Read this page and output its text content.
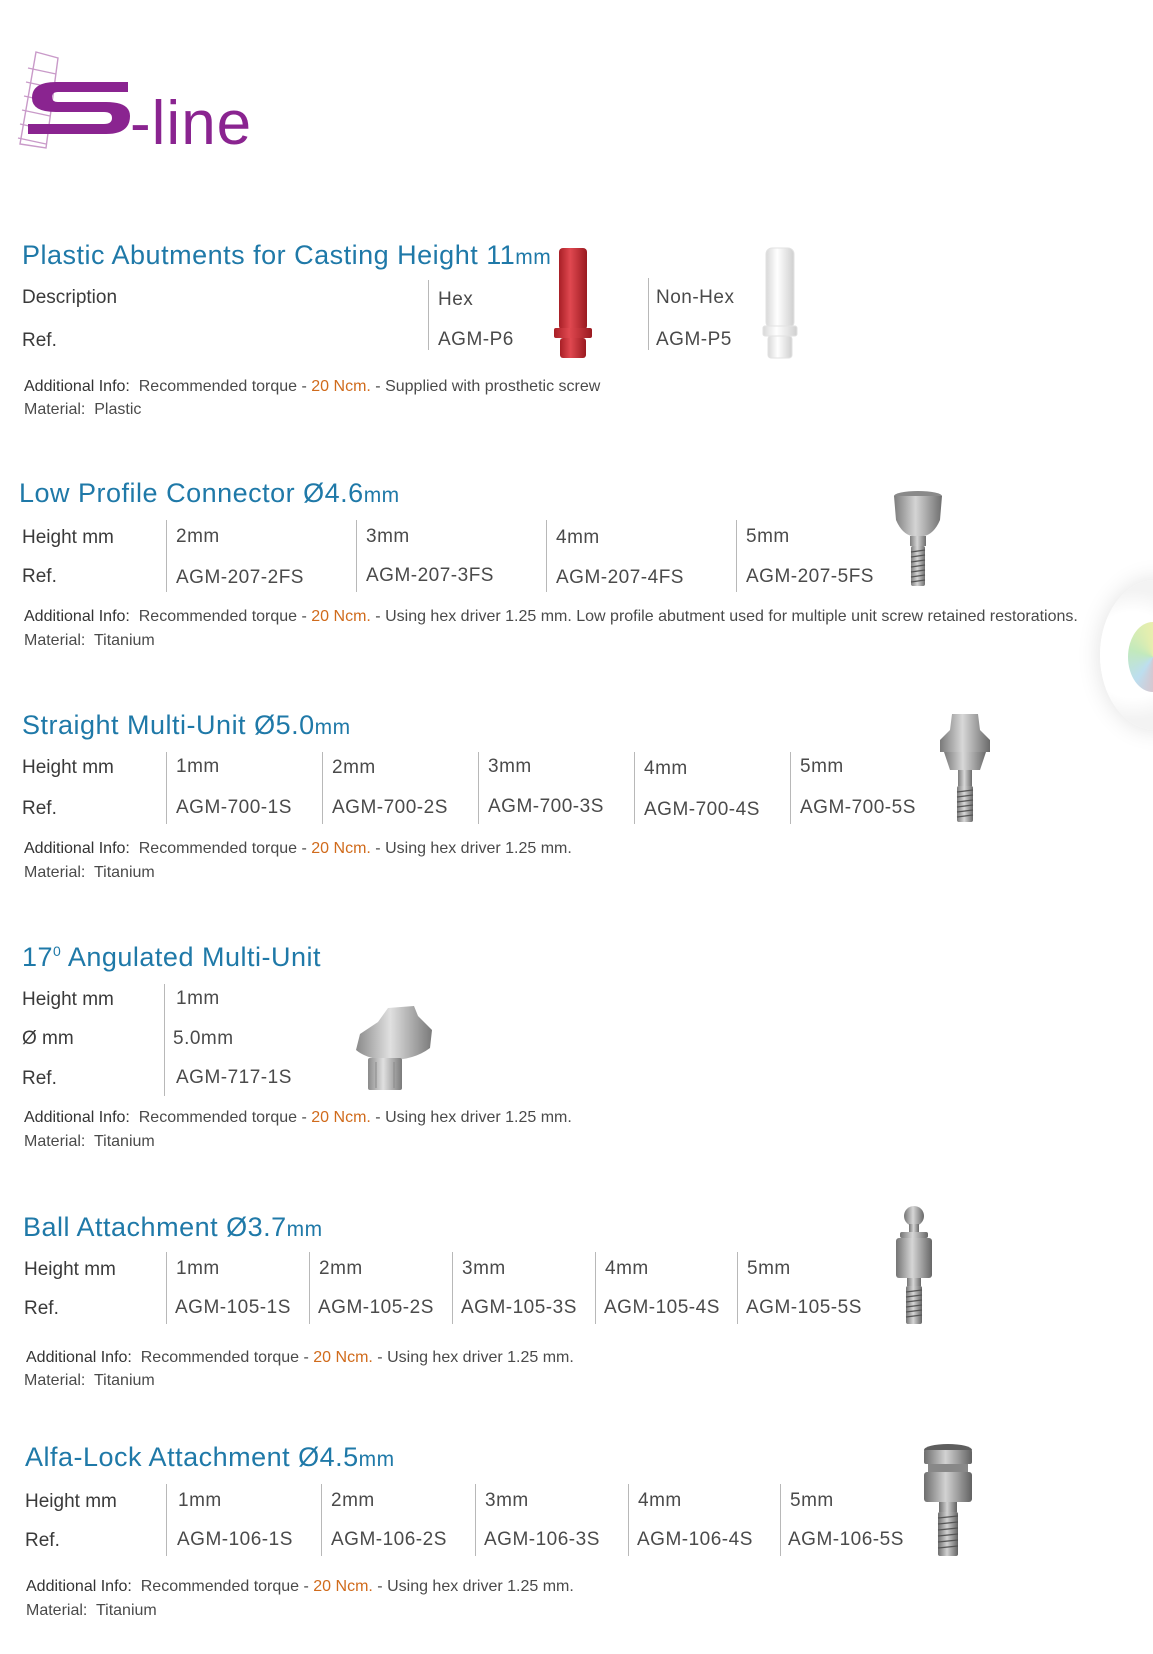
-line
Plastic Abutments for Casting Height 11mm
Description
Ref.
Hex
AGM-P6
Non-Hex
AGM-P5
Additional Info: Recommended torque - 20 Ncm. - Supplied with prosthetic screw
Material: Plastic
Low Profile Connector Ø4.6mm
Height mm
Ref.
2mm
AGM-207-2FS
3mm
AGM-207-3FS
4mm
AGM-207-4FS
5mm
AGM-207-5FS
Additional Info: Recommended torque - 20 Ncm. - Using hex driver 1.25 mm. Low profile abutment used for multiple unit screw retained restorations.
Material: Titanium
Straight Multi-Unit Ø5.0mm
Height mm
Ref.
1mm
AGM-700-1S
2mm
AGM-700-2S
3mm
AGM-700-3S
4mm
AGM-700-4S
5mm
AGM-700-5S
Additional Info: Recommended torque - 20 Ncm. - Using hex driver 1.25 mm.
Material: Titanium
$17^0$ Angulated Multi-Unit
Height mm
Ø mm
Ref.
1mm
5.0mm
AGM-717-1S
Additional Info: Recommended torque - 20 Ncm. - Using hex driver 1.25 mm.
Material: Titanium
Ball Attachment Ø3.7mm
Height mm
Ref.
1mm
AGM-105-1S
2mm
AGM-105-2S
3mm
AGM-105-3S
4mm
AGM-105-4S
5mm
AGM-105-5S
Additional Info: Recommended torque - 20 Ncm. - Using hex driver 1.25 mm.
Material: Titanium
Alfa-Lock Attachment Ø4.5mm
Height mm
Ref.
1mm
AGM-106-1S
2mm
AGM-106-2S
3mm
AGM-106-3S
4mm
AGM-106-4S
5mm
AGM-106-5S
Additional Info: Recommended torque - 20 Ncm. - Using hex driver 1.25 mm.
Material: Titanium
